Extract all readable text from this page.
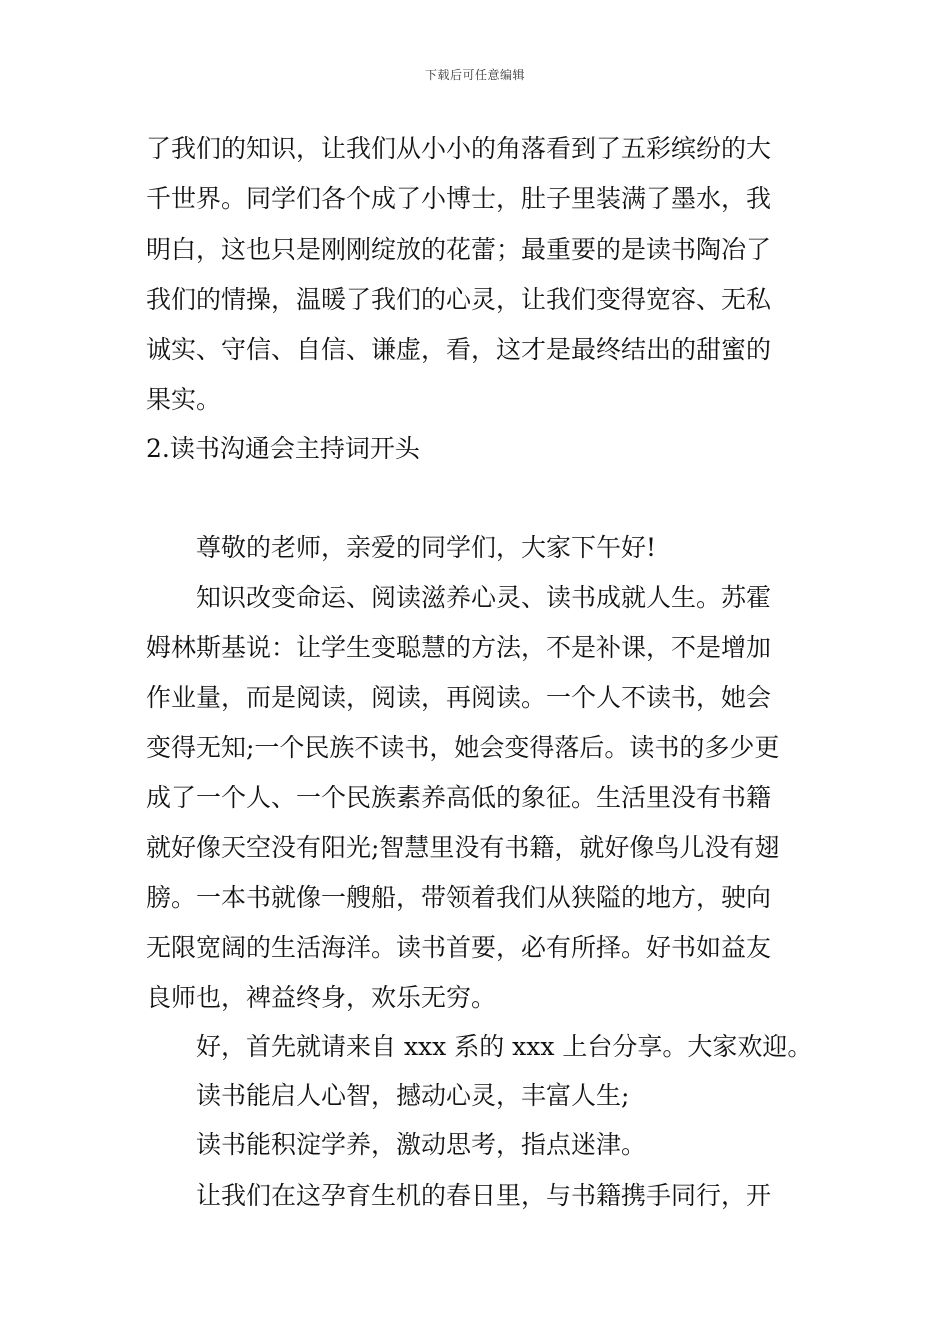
下载后可任意编辑
了我们的知识，让我们从小小的角落看到了五彩缤纷的大
千世界。同学们各个成了小博士，肚子里装满了墨水，我
明白，这也只是刚刚绽放的花蕾；最重要的是读书陶冶了
我们的情操，温暖了我们的心灵，让我们变得宽容、无私
诚实、守信、自信、谦虚，看，这才是最终结出的甜蜜的
果实。
2.读书沟通会主持词开头
尊敬的老师，亲爱的同学们，大家下午好!
知识改变命运、阅读滋养心灵、读书成就人生。苏霍
姆林斯基说：让学生变聪慧的方法，不是补课，不是增加
作业量，而是阅读，阅读，再阅读。一个人不读书，她会
变得无知;一个民族不读书，她会变得落后。读书的多少更
成了一个人、一个民族素养高低的象征。生活里没有书籍
就好像天空没有阳光;智慧里没有书籍，就好像鸟儿没有翅
膀。一本书就像一艘船，带领着我们从狭隘的地方，驶向
无限宽阔的生活海洋。读书首要，必有所择。好书如益友
良师也，裨益终身，欢乐无穷。
好，首先就请来自 xxx 系的 xxx 上台分享。大家欢迎。
读书能启人心智，撼动心灵，丰富人生;
读书能积淀学养，激动思考，指点迷津。
让我们在这孕育生机的春日里，与书籍携手同行，开
